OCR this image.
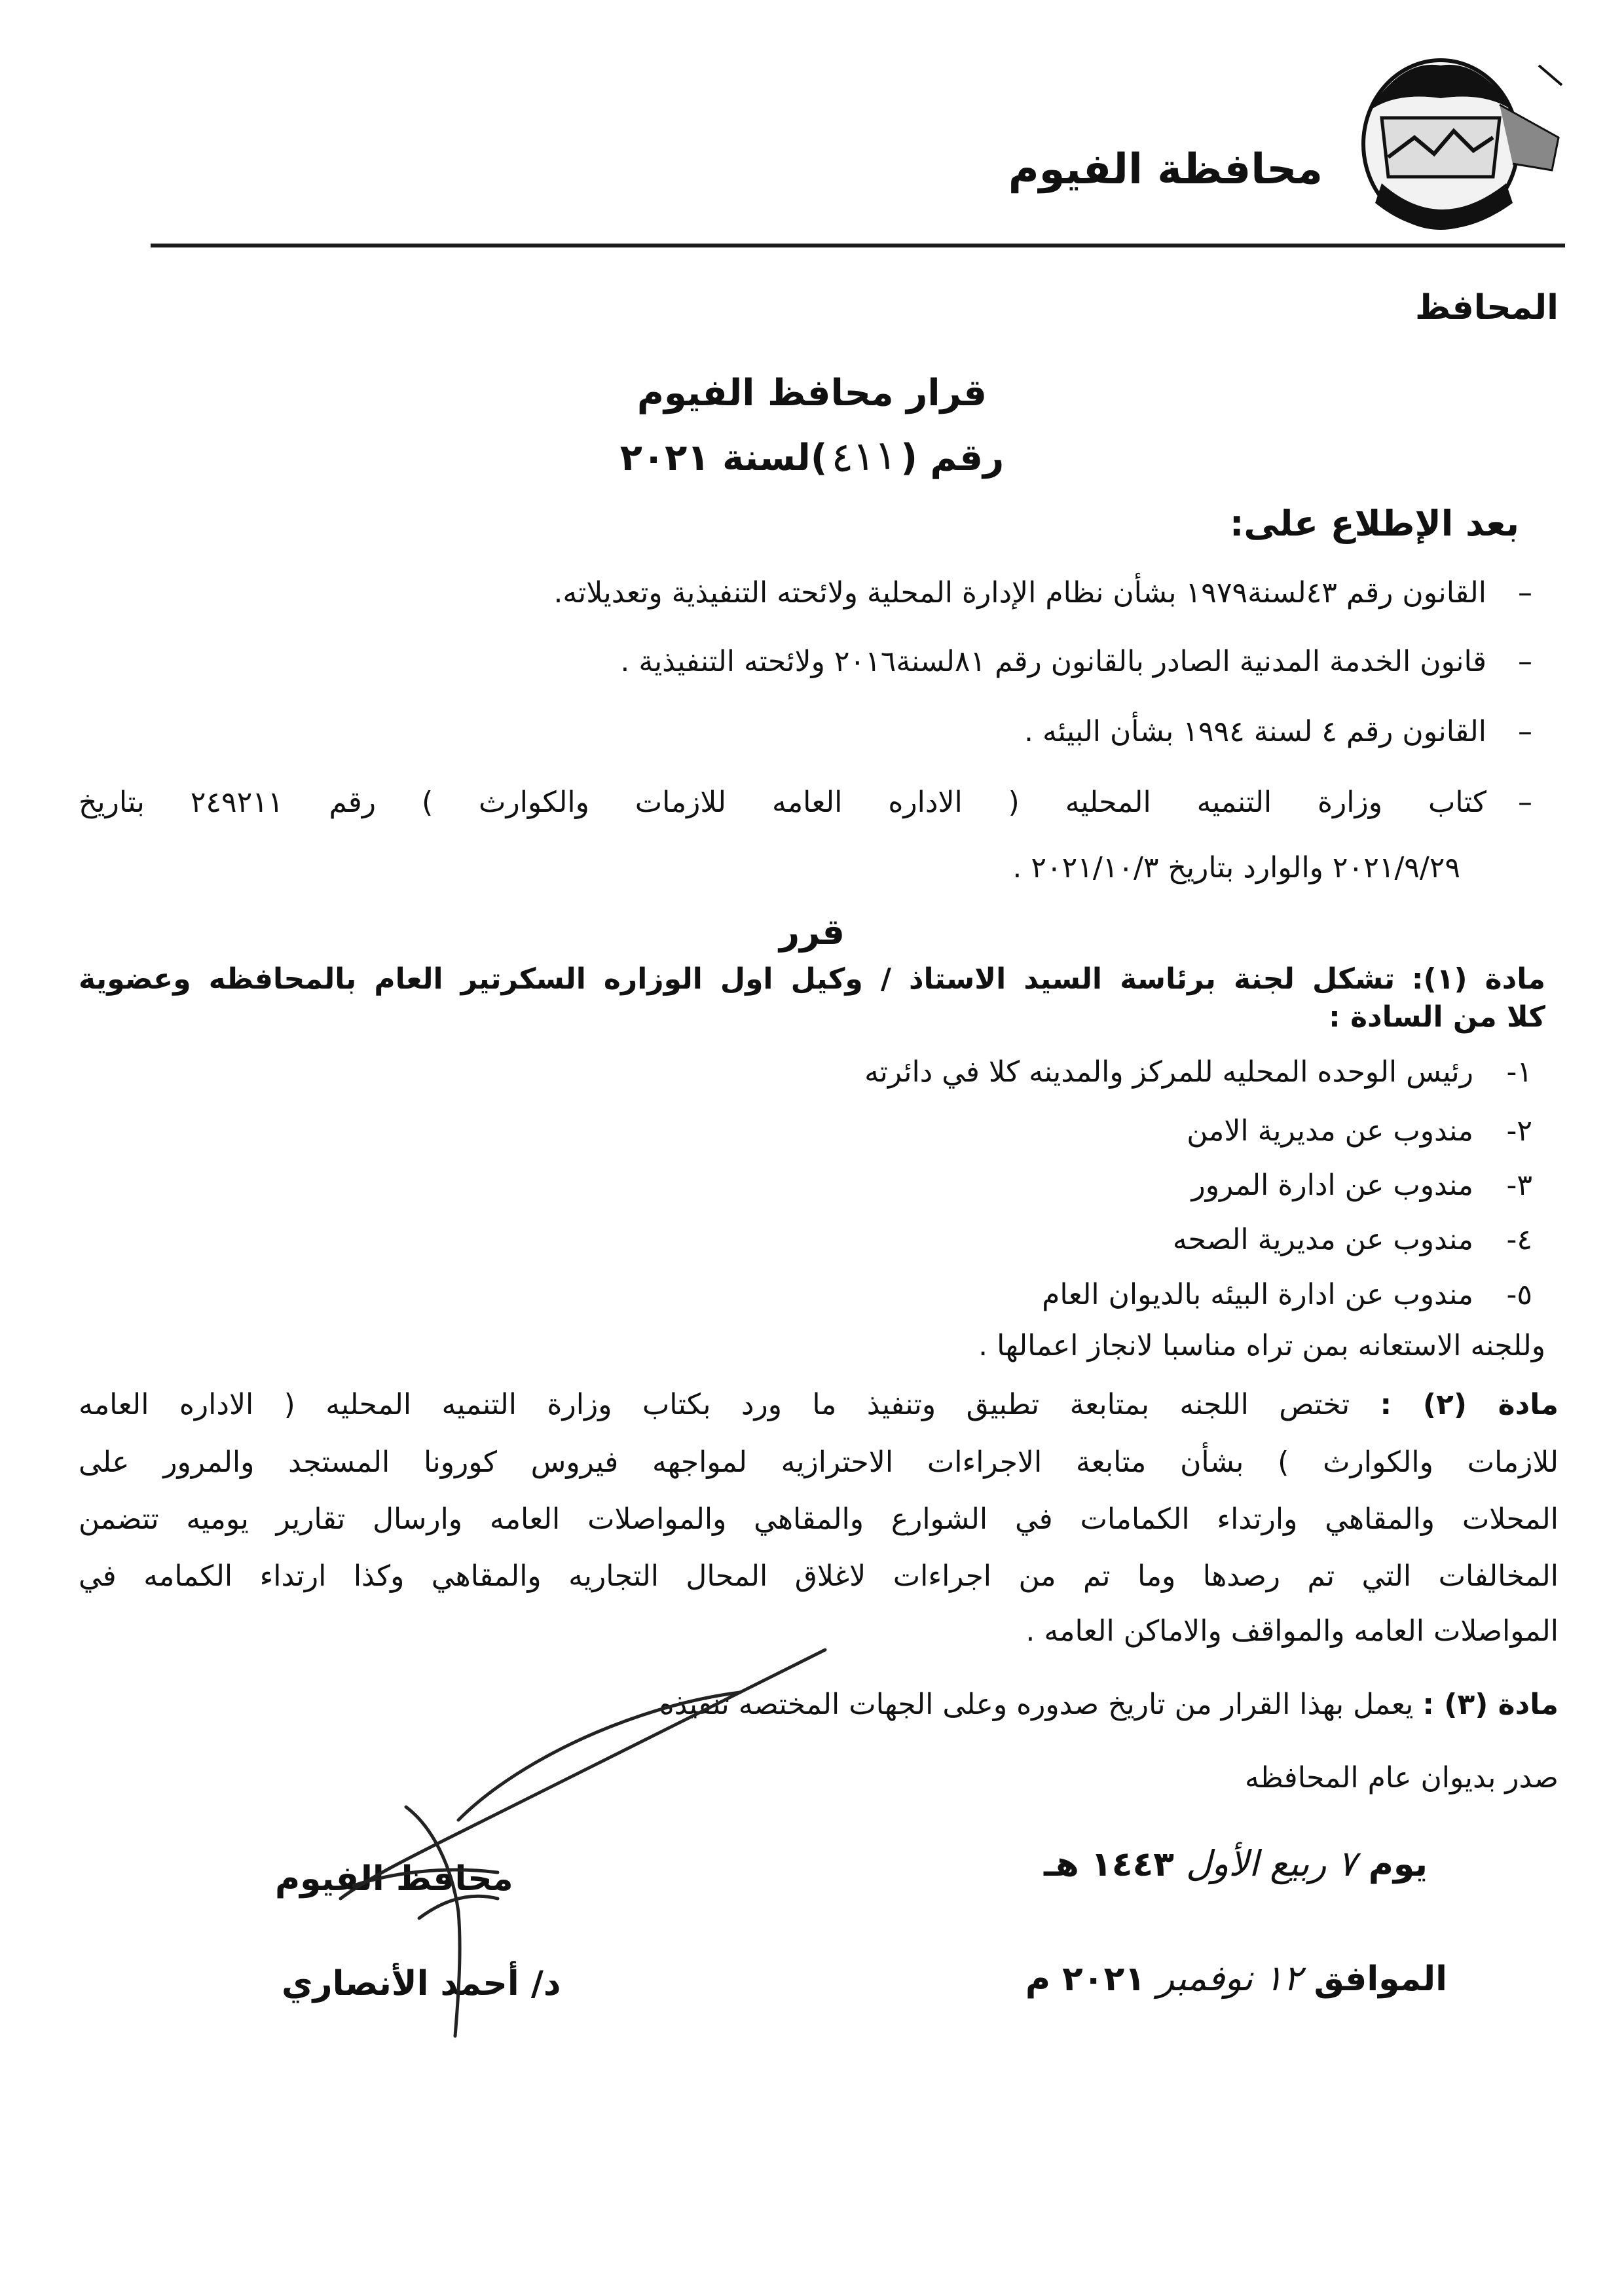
محافظة الفيوم
المحافظ
قرار محافظ الفيوم
رقم (٤١١)لسنة ٢٠٢١
بعد الإطلاع على:
–القانون رقم ٤٣لسنة١٩٧٩ بشأن نظام الإدارة المحلية ولائحته التنفيذية وتعديلاته.
–قانون الخدمة المدنية الصادر بالقانون رقم ٨١لسنة٢٠١٦ ولائحته التنفيذية .
–القانون رقم ٤ لسنة ١٩٩٤ بشأن البيئه .
–كتاب وزارة التنميه المحليه ( الاداره العامه للازمات والكوارث ) رقم ٢٤٩٢١١ بتاريخ
٢٠٢١/٩/٢٩ والوارد بتاريخ ٢٠٢١/١٠/٣ .
قرر
مادة (١): تشكل لجنة برئاسة السيد الاستاذ / وكيل اول الوزاره السكرتير العام بالمحافظه وعضوية
كلا من السادة :
١-رئيس الوحده المحليه للمركز والمدينه كلا في دائرته
٢-مندوب عن مديرية الامن
٣-مندوب عن ادارة المرور
٤-مندوب عن مديرية الصحه
٥-مندوب عن ادارة البيئه بالديوان العام
وللجنه الاستعانه بمن تراه مناسبا لانجاز اعمالها .
مادة (٢) : تختص اللجنه بمتابعة تطبيق وتنفيذ ما ورد بكتاب وزارة التنميه المحليه ( الاداره العامه
للازمات والكوارث ) بشأن متابعة الاجراءات الاحترازيه لمواجهه فيروس كورونا المستجد والمرور على
المحلات والمقاهي وارتداء الكمامات في الشوارع والمقاهي والمواصلات العامه وارسال تقارير يوميه تتضمن
المخالفات التي تم رصدها وما تم من اجراءات لاغلاق المحال التجاريه والمقاهي وكذا ارتداء الكمامه في
المواصلات العامه والمواقف والاماكن العامه .
مادة (٣) : يعمل بهذا القرار من تاريخ صدوره وعلى الجهات المختصه تنفيذه
صدر بديوان عام المحافظه
يوم ٧ ربيع الأول ١٤٤٣ هـ
الموافق ١٢ نوفمبر ٢٠٢١ م
محافظ الفيوم
د/ أحمد الأنصاري
